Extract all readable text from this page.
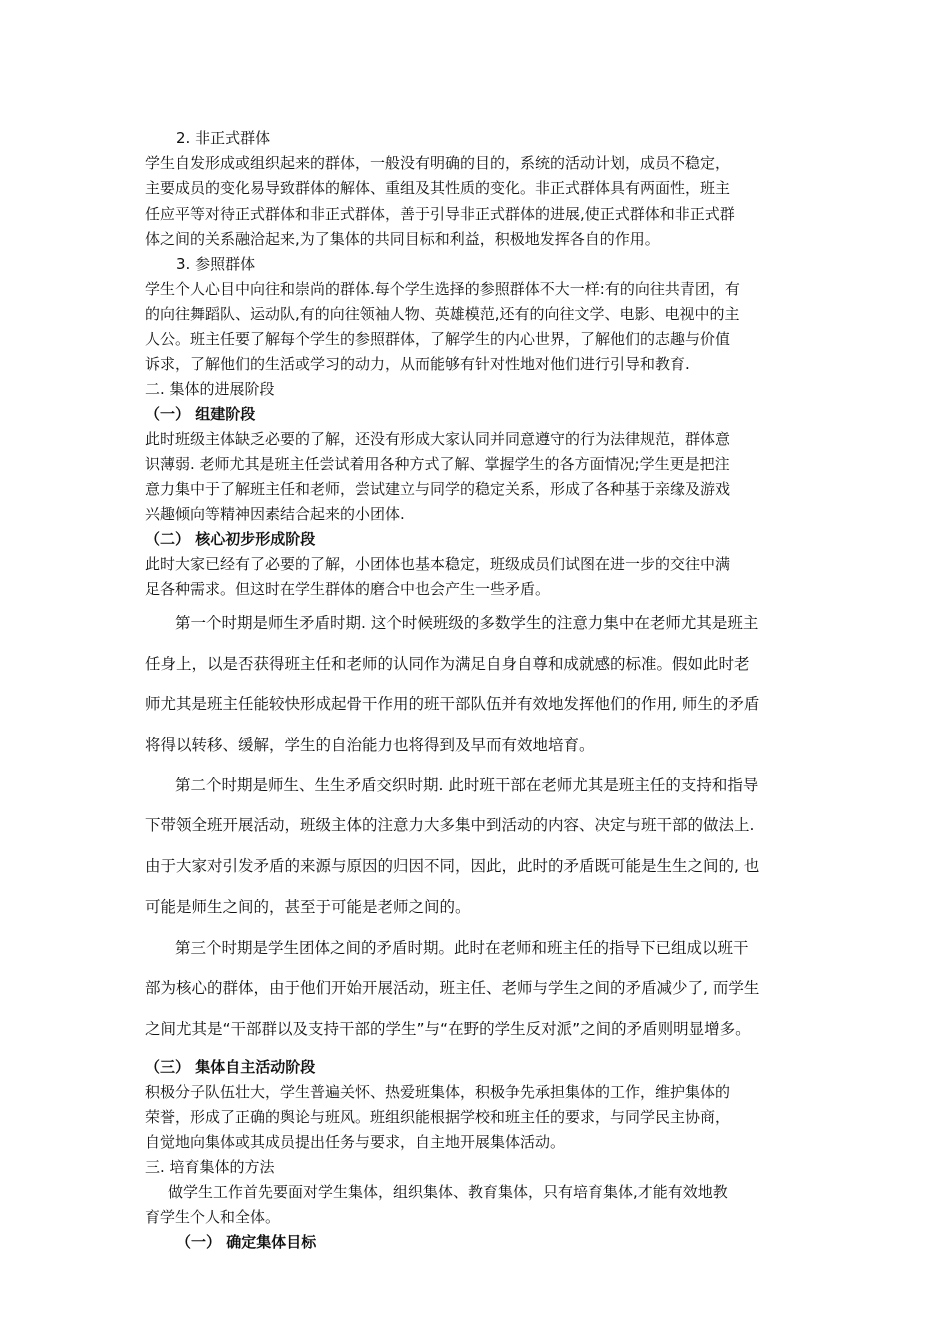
2. 非正式群体
学生自发形成或组织起来的群体，一般没有明确的目的，系统的活动计划，成员不稳定，
主要成员的变化易导致群体的解体、重组及其性质的变化。非正式群体具有两面性，班主
任应平等对待正式群体和非正式群体，善于引导非正式群体的进展,使正式群体和非正式群
体之间的关系融洽起来,为了集体的共同目标和利益，积极地发挥各自的作用。
3. 参照群体
学生个人心目中向往和崇尚的群体.每个学生选择的参照群体不大一样:有的向往共青团，有
的向往舞蹈队、运动队,有的向往领袖人物、英雄模范,还有的向往文学、电影、电视中的主
人公。班主任要了解每个学生的参照群体，了解学生的内心世界，了解他们的志趣与价值
诉求，了解他们的生活或学习的动力，从而能够有针对性地对他们进行引导和教育.
二. 集体的进展阶段
（一） 组建阶段
此时班级主体缺乏必要的了解，还没有形成大家认同并同意遵守的行为法律规范，群体意
识薄弱. 老师尤其是班主任尝试着用各种方式了解、掌握学生的各方面情况;学生更是把注
意力集中于了解班主任和老师，尝试建立与同学的稳定关系，形成了各种基于亲缘及游戏
兴趣倾向等精神因素结合起来的小团体.
（二） 核心初步形成阶段
此时大家已经有了必要的了解，小团体也基本稳定，班级成员们试图在进一步的交往中满
足各种需求。但这时在学生群体的磨合中也会产生一些矛盾。
第一个时期是师生矛盾时期. 这个时候班级的多数学生的注意力集中在老师尤其是班主
任身上，以是否获得班主任和老师的认同作为满足自身自尊和成就感的标准。假如此时老
师尤其是班主任能较快形成起骨干作用的班干部队伍并有效地发挥他们的作用, 师生的矛盾
将得以转移、缓解，学生的自治能力也将得到及早而有效地培育。
第二个时期是师生、生生矛盾交织时期. 此时班干部在老师尤其是班主任的支持和指导
下带领全班开展活动，班级主体的注意力大多集中到活动的内容、决定与班干部的做法上.
由于大家对引发矛盾的来源与原因的归因不同，因此，此时的矛盾既可能是生生之间的, 也
可能是师生之间的，甚至于可能是老师之间的。
第三个时期是学生团体之间的矛盾时期。此时在老师和班主任的指导下已组成以班干
部为核心的群体，由于他们开始开展活动，班主任、老师与学生之间的矛盾减少了, 而学生
之间尤其是“干部群以及支持干部的学生”与“在野的学生反对派”之间的矛盾则明显增多。
（三） 集体自主活动阶段
积极分子队伍壮大，学生普遍关怀、热爱班集体，积极争先承担集体的工作，维护集体的
荣誉，形成了正确的舆论与班风。班组织能根据学校和班主任的要求，与同学民主协商，
自觉地向集体或其成员提出任务与要求，自主地开展集体活动。
三. 培育集体的方法
做学生工作首先要面对学生集体，组织集体、教育集体，只有培育集体,才能有效地教
育学生个人和全体。
（一） 确定集体目标
